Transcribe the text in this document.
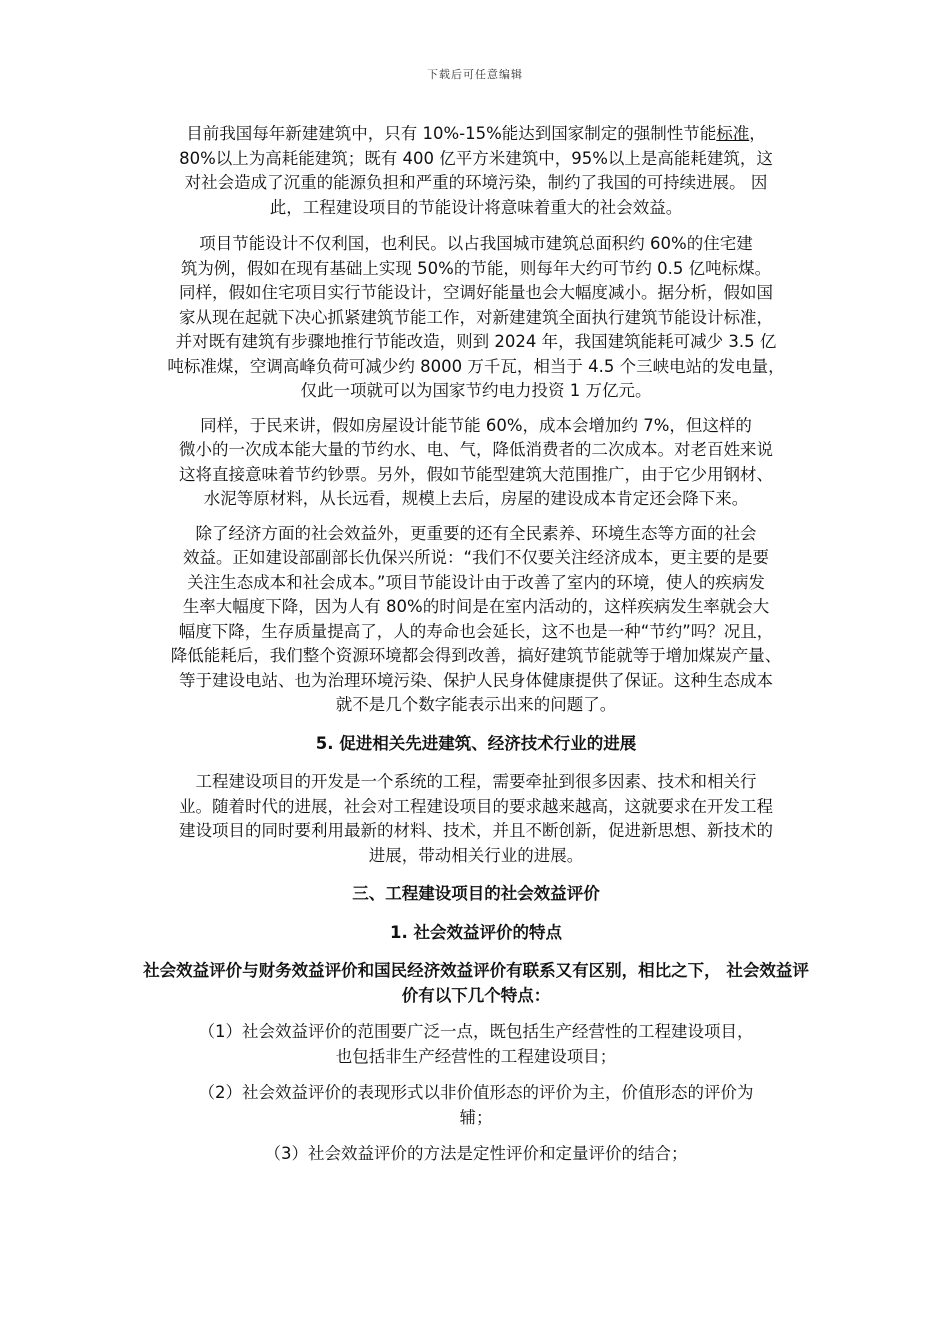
下载后可任意编辑
目前我国每年新建建筑中，只有 10%-15%能达到国家制定的强制性节能标准，
80%以上为高耗能建筑；既有 400 亿平方米建筑中，95%以上是高能耗建筑，这
对社会造成了沉重的能源负担和严重的环境污染，制约了我国的可持续进展。 因
此，工程建设项目的节能设计将意味着重大的社会效益。
项目节能设计不仅利国，也利民。以占我国城市建筑总面积约 60%的住宅建
筑为例，假如在现有基础上实现 50%的节能，则每年大约可节约 0.5 亿吨标煤。
同样，假如住宅项目实行节能设计，空调好能量也会大幅度减小。据分析，假如国
家从现在起就下决心抓紧建筑节能工作，对新建建筑全面执行建筑节能设计标准，
并对既有建筑有步骤地推行节能改造，则到 2024 年，我国建筑能耗可减少 3.5 亿
吨标准煤，空调高峰负荷可减少约 8000 万千瓦，相当于 4.5 个三峡电站的发电量，
仅此一项就可以为国家节约电力投资 1 万亿元。
同样，于民来讲，假如房屋设计能节能 60%，成本会增加约 7%，但这样的
微小的一次成本能大量的节约水、电、气，降低消费者的二次成本。对老百姓来说
这将直接意味着节约钞票。另外，假如节能型建筑大范围推广，由于它少用钢材、
水泥等原材料，从长远看，规模上去后，房屋的建设成本肯定还会降下来。
除了经济方面的社会效益外，更重要的还有全民素养、环境生态等方面的社会
效益。正如建设部副部长仇保兴所说：“我们不仅要关注经济成本，更主要的是要
关注生态成本和社会成本。”项目节能设计由于改善了室内的环境，使人的疾病发
生率大幅度下降，因为人有 80%的时间是在室内活动的，这样疾病发生率就会大
幅度下降，生存质量提高了，人的寿命也会延长，这不也是一种“节约”吗？况且，
降低能耗后，我们整个资源环境都会得到改善，搞好建筑节能就等于增加煤炭产量、
等于建设电站、也为治理环境污染、保护人民身体健康提供了保证。这种生态成本
就不是几个数字能表示出来的问题了。
5. 促进相关先进建筑、经济技术行业的进展
工程建设项目的开发是一个系统的工程，需要牵扯到很多因素、技术和相关行
业。随着时代的进展，社会对工程建设项目的要求越来越高，这就要求在开发工程
建设项目的同时要利用最新的材料、技术，并且不断创新，促进新思想、新技术的
进展，带动相关行业的进展。
三、工程建设项目的社会效益评价
1. 社会效益评价的特点
社会效益评价与财务效益评价和国民经济效益评价有联系又有区别，相比之下， 社会效益评价有以下几个特点：
（1）社会效益评价的范围要广泛一点，既包括生产经营性的工程建设项目，
也包括非生产经营性的工程建设项目；
（2）社会效益评价的表现形式以非价值形态的评价为主，价值形态的评价为
辅；
（3）社会效益评价的方法是定性评价和定量评价的结合；
